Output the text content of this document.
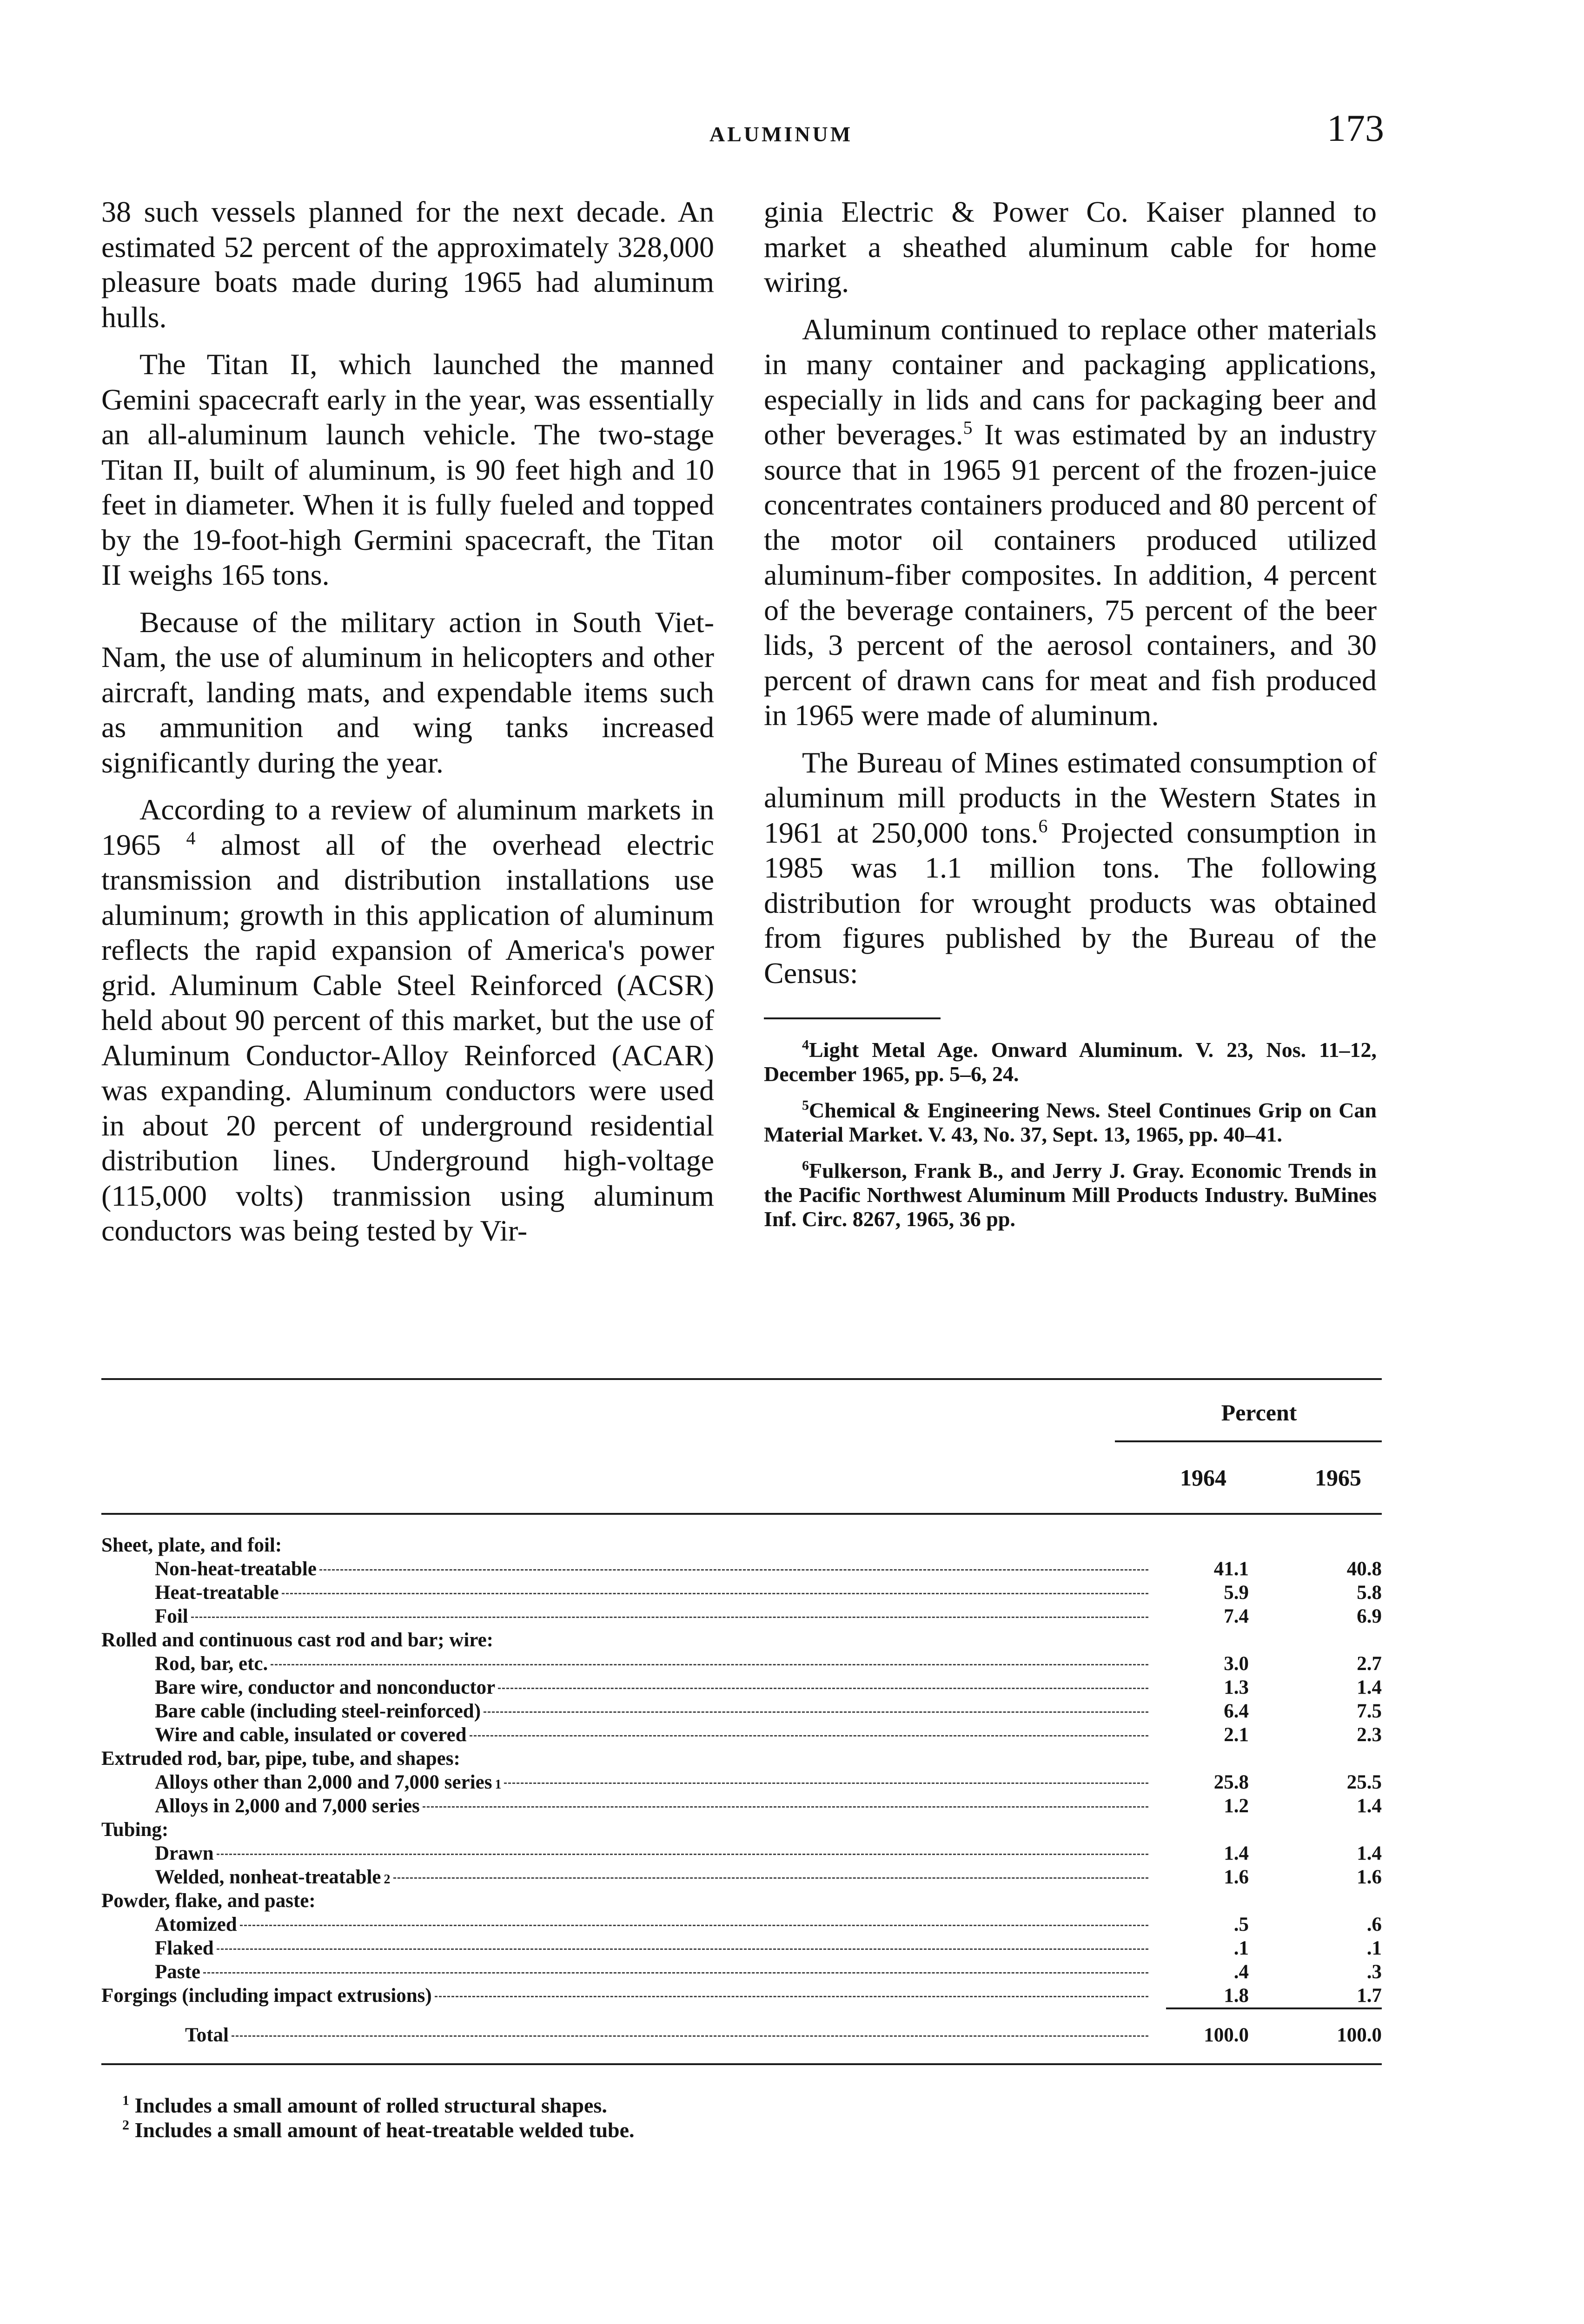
ALUMINUM	173

38 such vessels planned for the next decade. An estimated 52 percent of the approximately 328,000 pleasure boats made during 1965 had aluminum hulls.

The Titan II, which launched the manned Gemini spacecraft early in the year, was essentially an all-aluminum launch vehicle. The two-stage Titan II, built of aluminum, is 90 feet high and 10 feet in diameter. When it is fully fueled and topped by the 19-foot-high Germini spacecraft, the Titan II weighs 165 tons.

Because of the military action in South Viet-Nam, the use of aluminum in helicopters and other aircraft, landing mats, and expendable items such as ammunition and wing tanks increased significantly during the year.

According to a review of aluminum markets in 1965 $^4$ almost all of the overhead electric transmission and distribution installations use aluminum; growth in this application of aluminum reflects the rapid expansion of America's power grid. Aluminum Cable Steel Reinforced (ACSR) held about 90 percent of this market, but the use of Aluminum Conductor-Alloy Reinforced (ACAR) was expanding. Aluminum conductors were used in about 20 percent of underground residential distribution lines. Underground high-voltage (115,000 volts) tranmission using aluminum conductors was being tested by Vir-

ginia Electric & Power Co. Kaiser planned to market a sheathed aluminum cable for home wiring.

Aluminum continued to replace other materials in many container and packaging applications, especially in lids and cans for packaging beer and other beverages.$^5$ It was estimated by an industry source that in 1965 91 percent of the frozen-juice concentrates containers produced and 80 percent of the motor oil containers produced utilized aluminum-fiber composites. In addition, 4 percent of the beverage containers, 75 percent of the beer lids, 3 percent of the aerosol containers, and 30 percent of drawn cans for meat and fish produced in 1965 were made of aluminum.

The Bureau of Mines estimated consumption of aluminum mill products in the Western States in 1961 at 250,000 tons.$^6$ Projected consumption in 1985 was 1.1 million tons. The following distribution for wrought products was obtained from figures published by the Bureau of the Census:

$^4$Light Metal Age. Onward Aluminum. V. 23, Nos. 11–12, December 1965, pp. 5–6, 24.

$^5$Chemical & Engineering News. Steel Continues Grip on Can Material Market. V. 43, No. 37, Sept. 13, 1965, pp. 40–41.

$^6$Fulkerson, Frank B., and Jerry J. Gray. Economic Trends in the Pacific Northwest Aluminum Mill Products Industry. BuMines Inf. Circ. 8267, 1965, 36 pp.

Percent
1964	1965
Sheet, plate, and foil:
Non-heat-treatable	41.1	40.8
Heat-treatable	5.9	5.8
Foil	7.4	6.9
Rolled and continuous cast rod and bar; wire:
Rod, bar, etc.	3.0	2.7
Bare wire, conductor and nonconductor	1.3	1.4
Bare cable (including steel-reinforced)	6.4	7.5
Wire and cable, insulated or covered	2.1	2.3
Extruded rod, bar, pipe, tube, and shapes:
Alloys other than 2,000 and 7,000 series 1	25.8	25.5
Alloys in 2,000 and 7,000 series	1.2	1.4
Tubing:
Drawn	1.4	1.4
Welded, nonheat-treatable 2	1.6	1.6
Powder, flake, and paste:
Atomized	.5	.6
Flaked	.1	.1
Paste	.4	.3
Forgings (including impact extrusions)	1.8	1.7
Total	100.0	100.0
$^1$ Includes a small amount of rolled structural shapes.
$^2$ Includes a small amount of heat-treatable welded tube.
